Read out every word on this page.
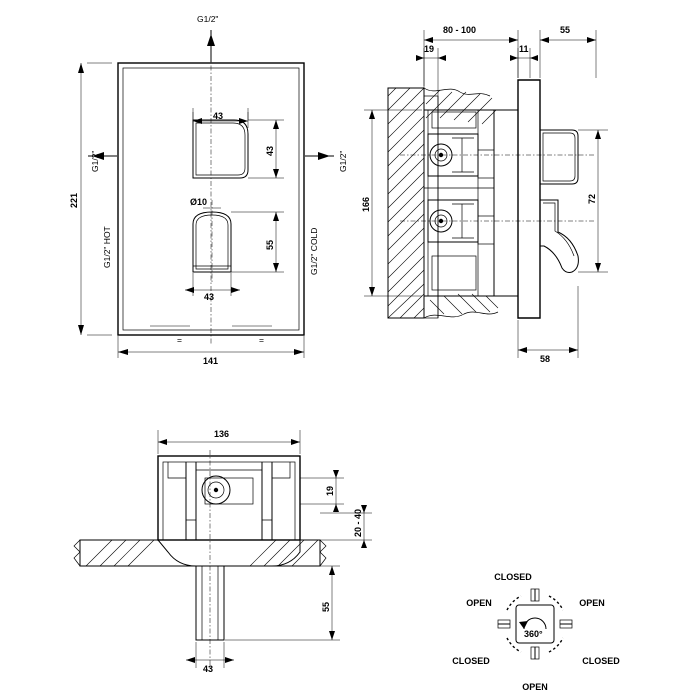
G1/2"
G1/2"	G1/2"
G1/2" HOT	G1/2" COLD
221
141
=	=
43
43
55
43
Ø10
80 - 100	55
19	11
166	72
58
136
19
20 - 40
55
43
360°
CLOSED
OPEN	OPEN
CLOSED	CLOSED
OPEN
